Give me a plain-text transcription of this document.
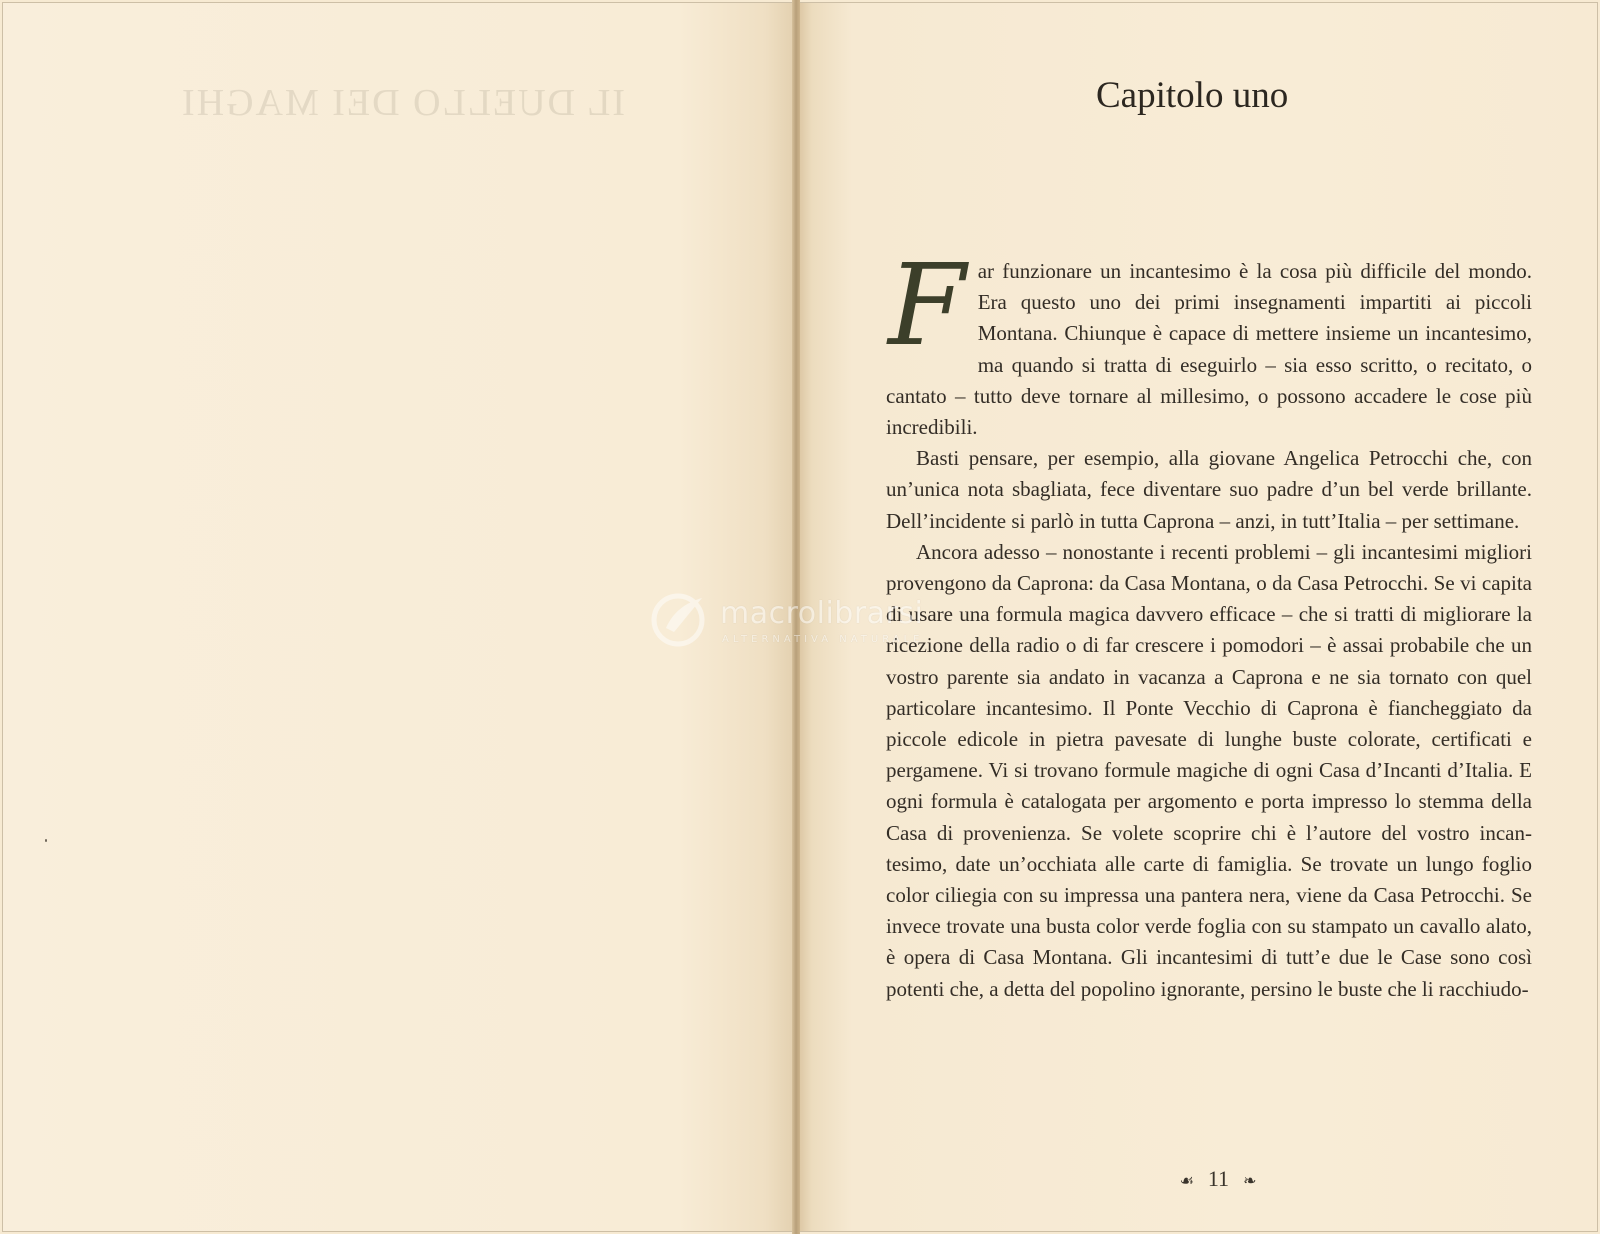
IL DUELLO DEI MAGHI	Capitolo uno

Far funzionare un incantesimo è la cosa più difficile del mondo. Era questo uno dei primi insegnamenti impartiti ai piccoli Montana. Chiunque è capace di mettere insieme un incantesimo, ma quando si tratta di eseguirlo – sia esso scritto, o recitato, o cantato – tutto deve tornare al millesimo, o possono accadere le cose più incredibili.

Basti pensare, per esempio, alla giovane Angelica Petrocchi che, con un’unica nota sbagliata, fece diventare suo padre d’un bel verde brillante. Dell’incidente si parlò in tutta Caprona – anzi, in tutt’Italia – per settimane.

Ancora adesso – nonostante i recenti problemi – gli incantesimi migliori provengono da Caprona: da Casa Montana, o da Casa Petrocchi. Se vi capita di usare una formula magica davvero efficace – che si tratti di migliorare la ricezione della radio o di far crescere i pomodori – è assai probabile che un vostro parente sia andato in vacanza a Caprona e ne sia tornato con quel particolare incantesimo. Il Ponte Vecchio di Caprona è fiancheggiato da piccole edicole in pietra pavesate di lunghe buste colorate, certificati e pergamene. Vi si trovano formule magiche di ogni Casa d’Incanti d’Italia. E ogni formula è catalogata per argomento e porta impresso lo stemma della Casa di provenienza. Se volete scoprire chi è l’autore del vostro incantesimo, date un’occhiata alle carte di famiglia. Se trovate un lungo foglio color ciliegia con su impressa una pantera nera, viene da Casa Petrocchi. Se invece trovate una busta color verde foglia con su stampato un cavallo alato, è opera di Casa Montana. Gli incantesimi di tutt’e due le Case sono così potenti che, a detta del popolino ignorante, persino le buste che li racchiudo-

☙ 11 ❧
macrolibrarsi
ALTERNATIVA NATURALE
